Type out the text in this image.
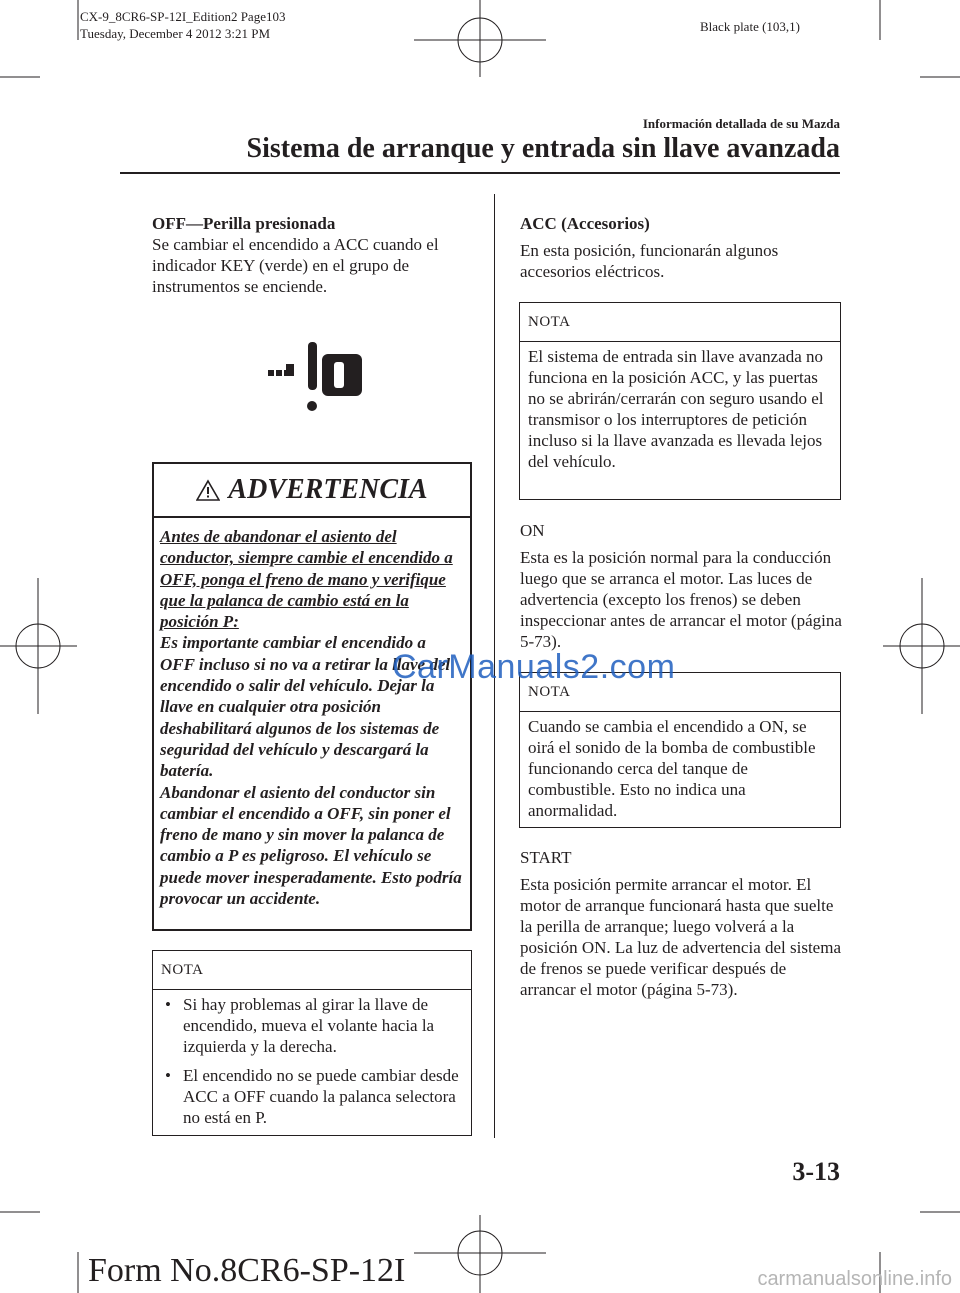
CX-9_8CR6-SP-12I_Edition2 Page103
Tuesday, December 4 2012 3:21 PM	Black plate (103,1)
Información detallada de su Mazda
Sistema de arranque y entrada sin llave avanzada
OFF―Perilla presionada

Se cambiar el encendido a ACC cuando el indicador KEY (verde) en el grupo de instrumentos se enciende.

ADVERTENCIA

Antes de abandonar el asiento del conductor, siempre cambie el encendido a OFF, ponga el freno de mano y verifique que la palanca de cambio está en la posición P:

Es importante cambiar el encendido a OFF incluso si no va a retirar la llave del encendido o salir del vehículo. Dejar la llave en cualquier otra posición deshabilitará algunos de los sistemas de seguridad del vehículo y descargará la batería.

Abandonar el asiento del conductor sin cambiar el encendido a OFF, sin poner el freno de mano y sin mover la palanca de cambio a P es peligroso. El vehículo se puede mover inesperadamente. Esto podría provocar un accidente.

NOTA
• Si hay problemas al girar la llave de encendido, mueva el volante hacia la izquierda y la derecha.
• El encendido no se puede cambiar desde ACC a OFF cuando la palanca selectora no está en P.
ACC (Accesorios)

En esta posición, funcionarán algunos accesorios eléctricos.

NOTA

El sistema de entrada sin llave avanzada no funciona en la posición ACC, y las puertas no se abrirán/cerrarán con seguro usando el transmisor o los interruptores de petición incluso si la llave avanzada es llevada lejos del vehículo.

ON

Esta es la posición normal para la conducción luego que se arranca el motor. Las luces de advertencia (excepto los frenos) se deben inspeccionar antes de arrancar el motor (página 5-73).

NOTA

Cuando se cambia el encendido a ON, se oirá el sonido de la bomba de combustible funcionando cerca del tanque de combustible. Esto no indica una anormalidad.

START

Esta posición permite arrancar el motor. El motor de arranque funcionará hasta que suelte la perilla de arranque; luego volverá a la posición ON. La luz de advertencia del sistema de frenos se puede verificar después de arrancar el motor (página 5-73).

CarManuals2.com
3-13
Form No.8CR6-SP-12I	carmanualsonline.info
